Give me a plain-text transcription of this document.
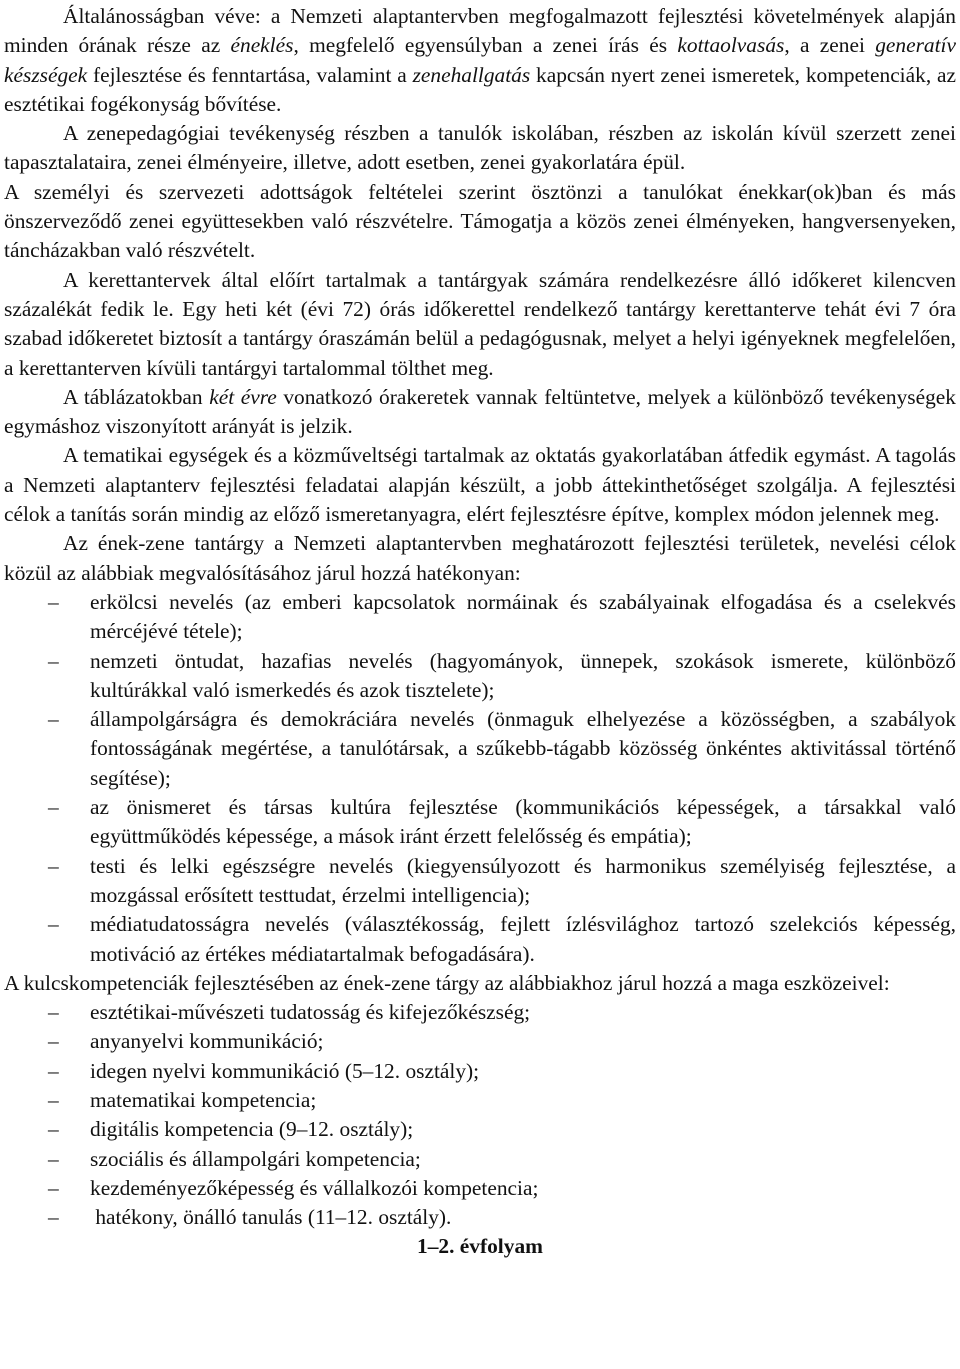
Általánosságban véve: a Nemzeti alaptantervben megfogalmazott fejlesztési követelmények alapján minden órának része az éneklés, megfelelő egyensúlyban a zenei írás és kottaolvasás, a zenei generatív készségek fejlesztése és fenntartása, valamint a zenehallgatás kapcsán nyert zenei ismeretek, kompetenciák, az esztétikai fogékonyság bővítése.

A zenepedagógiai tevékenység részben a tanulók iskolában, részben az iskolán kívül szerzett zenei tapasztalataira, zenei élményeire, illetve, adott esetben, zenei gyakorlatára épül.

A személyi és szervezeti adottságok feltételei szerint ösztönzi a tanulókat énekkar(ok)ban és más önszerveződő zenei együttesekben való részvételre. Támogatja a közös zenei élményeken, hangversenyeken, táncházakban való részvételt.

A kerettantervek által előírt tartalmak a tantárgyak számára rendelkezésre álló időkeret kilencven százalékát fedik le. Egy heti két (évi 72) órás időkerettel rendelkező tantárgy kerettanterve tehát évi 7 óra szabad időkeretet biztosít a tantárgy óraszámán belül a pedagógusnak, melyet a helyi igényeknek megfelelően, a kerettanterven kívüli tantárgyi tartalommal tölthet meg.

A táblázatokban két évre vonatkozó órakeretek vannak feltüntetve, melyek a különböző tevékenységek egymáshoz viszonyított arányát is jelzik.

A tematikai egységek és a közműveltségi tartalmak az oktatás gyakorlatában átfedik egymást. A tagolás a Nemzeti alaptanterv fejlesztési feladatai alapján készült, a jobb áttekinthetőséget szolgálja. A fejlesztési célok a tanítás során mindig az előző ismeretanyagra, elért fejlesztésre építve, komplex módon jelennek meg.

Az ének-zene tantárgy a Nemzeti alaptantervben meghatározott fejlesztési területek, nevelési célok közül az alábbiak megvalósításához járul hozzá hatékonyan:

– erkölcsi nevelés (az emberi kapcsolatok normáinak és szabályainak elfogadása és a cselekvés mércéjévé tétele);
– nemzeti öntudat, hazafias nevelés (hagyományok, ünnepek, szokások ismerete, különböző kultúrákkal való ismerkedés és azok tisztelete);
– állampolgárságra és demokráciára nevelés (önmaguk elhelyezése a közösségben, a szabályok fontosságának megértése, a tanulótársak, a szűkebb-tágabb közösség önkéntes aktivitással történő segítése);
– az önismeret és társas kultúra fejlesztése (kommunikációs képességek, a társakkal való együttműködés képessége, a mások iránt érzett felelősség és empátia);
– testi és lelki egészségre nevelés (kiegyensúlyozott és harmonikus személyiség fejlesztése, a mozgással erősített testtudat, érzelmi intelligencia);
– médiatudatosságra nevelés (választékosság, fejlett ízlésvilághoz tartozó szelekciós képesség, motiváció az értékes médiatartalmak befogadására).

A kulcskompetenciák fejlesztésében az ének-zene tárgy az alábbiakhoz járul hozzá a maga eszközeivel:

– esztétikai-művészeti tudatosság és kifejezőkészség;
– anyanyelvi kommunikáció;
– idegen nyelvi kommunikáció (5–12. osztály);
– matematikai kompetencia;
– digitális kompetencia (9–12. osztály);
– szociális és állampolgári kompetencia;
– kezdeményezőképesség és vállalkozói kompetencia;
– hatékony, önálló tanulás (11–12. osztály).

1–2. évfolyam
